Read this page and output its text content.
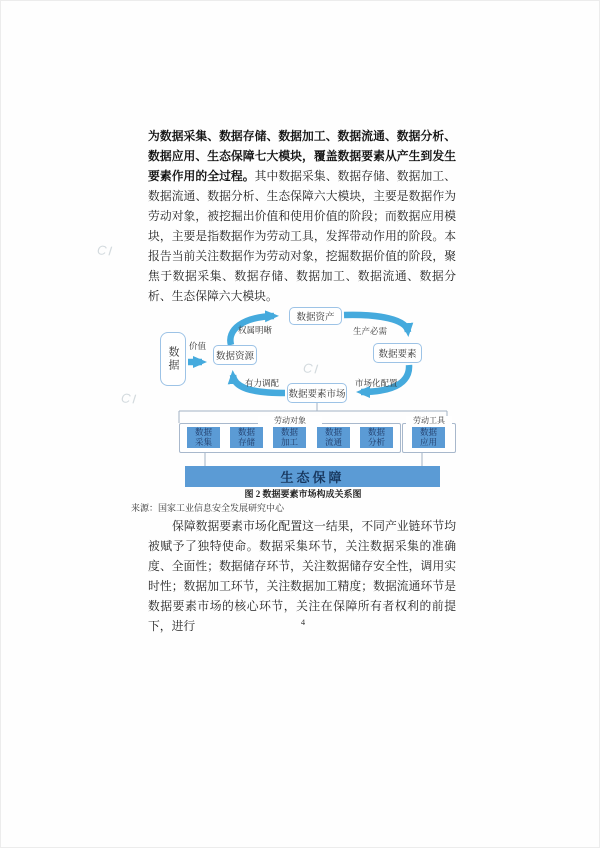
CI
CI
CI

为数据采集、数据存储、数据加工、数据流通、数据分析、数据应用、生态保障七大模块，覆盖数据要素从产生到发生要素作用的全过程。其中数据采集、数据存储、数据加工、数据流通、数据分析、生态保障六大模块，主要是数据作为劳动对象，被挖掘出价值和使用价值的阶段；而数据应用模块，主要是指数据作为劳动工具，发挥带动作用的阶段。本报告当前关注数据作为劳动对象，挖掘数据价值的阶段，聚焦于数据采集、数据存储、数据加工、数据流通、数据分析、生态保障六大模块。

数据	数据资源
数据资产
数据要素
数据要素市场
价值
权属明晰	生产必需
市场化配置
有力调配
劳动对象	劳动工具
数据采集
数据存储
数据加工
数据流通
数据分析
数据应用
生态保障
图 2 数据要素市场构成关系图
来源：国家工业信息安全发展研究中心

保障数据要素市场化配置这一结果，不同产业链环节均被赋予了独特使命。数据采集环节，关注数据采集的准确度、全面性；数据储存环节，关注数据储存安全性，调用实时性；数据加工环节，关注数据加工精度；数据流通环节是数据要素市场的核心环节，关注在保障所有者权利的前提下，进行	4
